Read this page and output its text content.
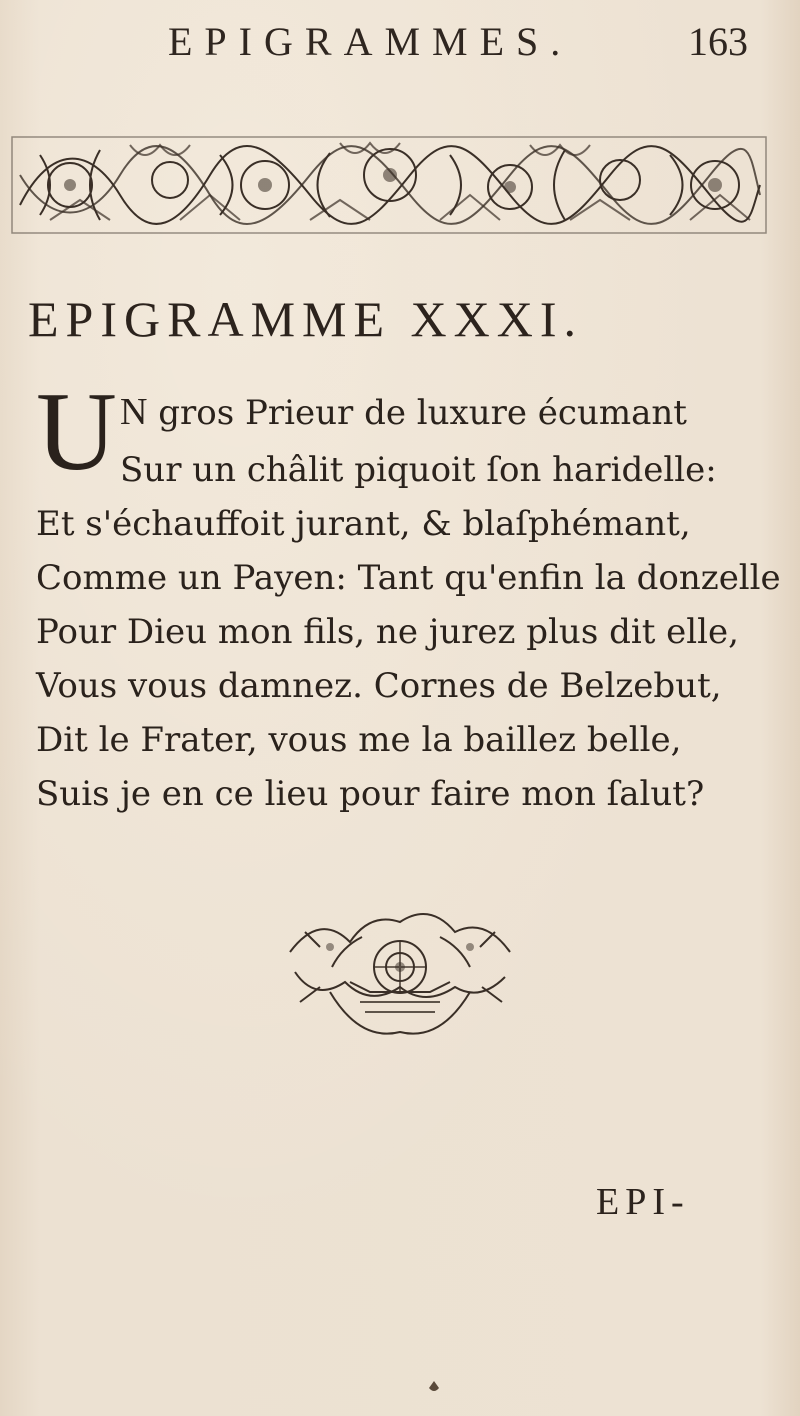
EPIGRAMMES.	163
EPIGRAMME XXXI.
U N gros Prieur de luxure écumant
Sur un châlit piquoit ſon haridelle:
Et s'échauffoit jurant, & blaſphémant,
Comme un Payen: Tant qu'enfin la donzelle
Pour Dieu mon fils, ne jurez plus dit elle,
Vous vous damnez. Cornes de Belzebut,
Dit le Frater, vous me la baillez belle,
Suis je en ce lieu pour faire mon ſalut?
EPI-
